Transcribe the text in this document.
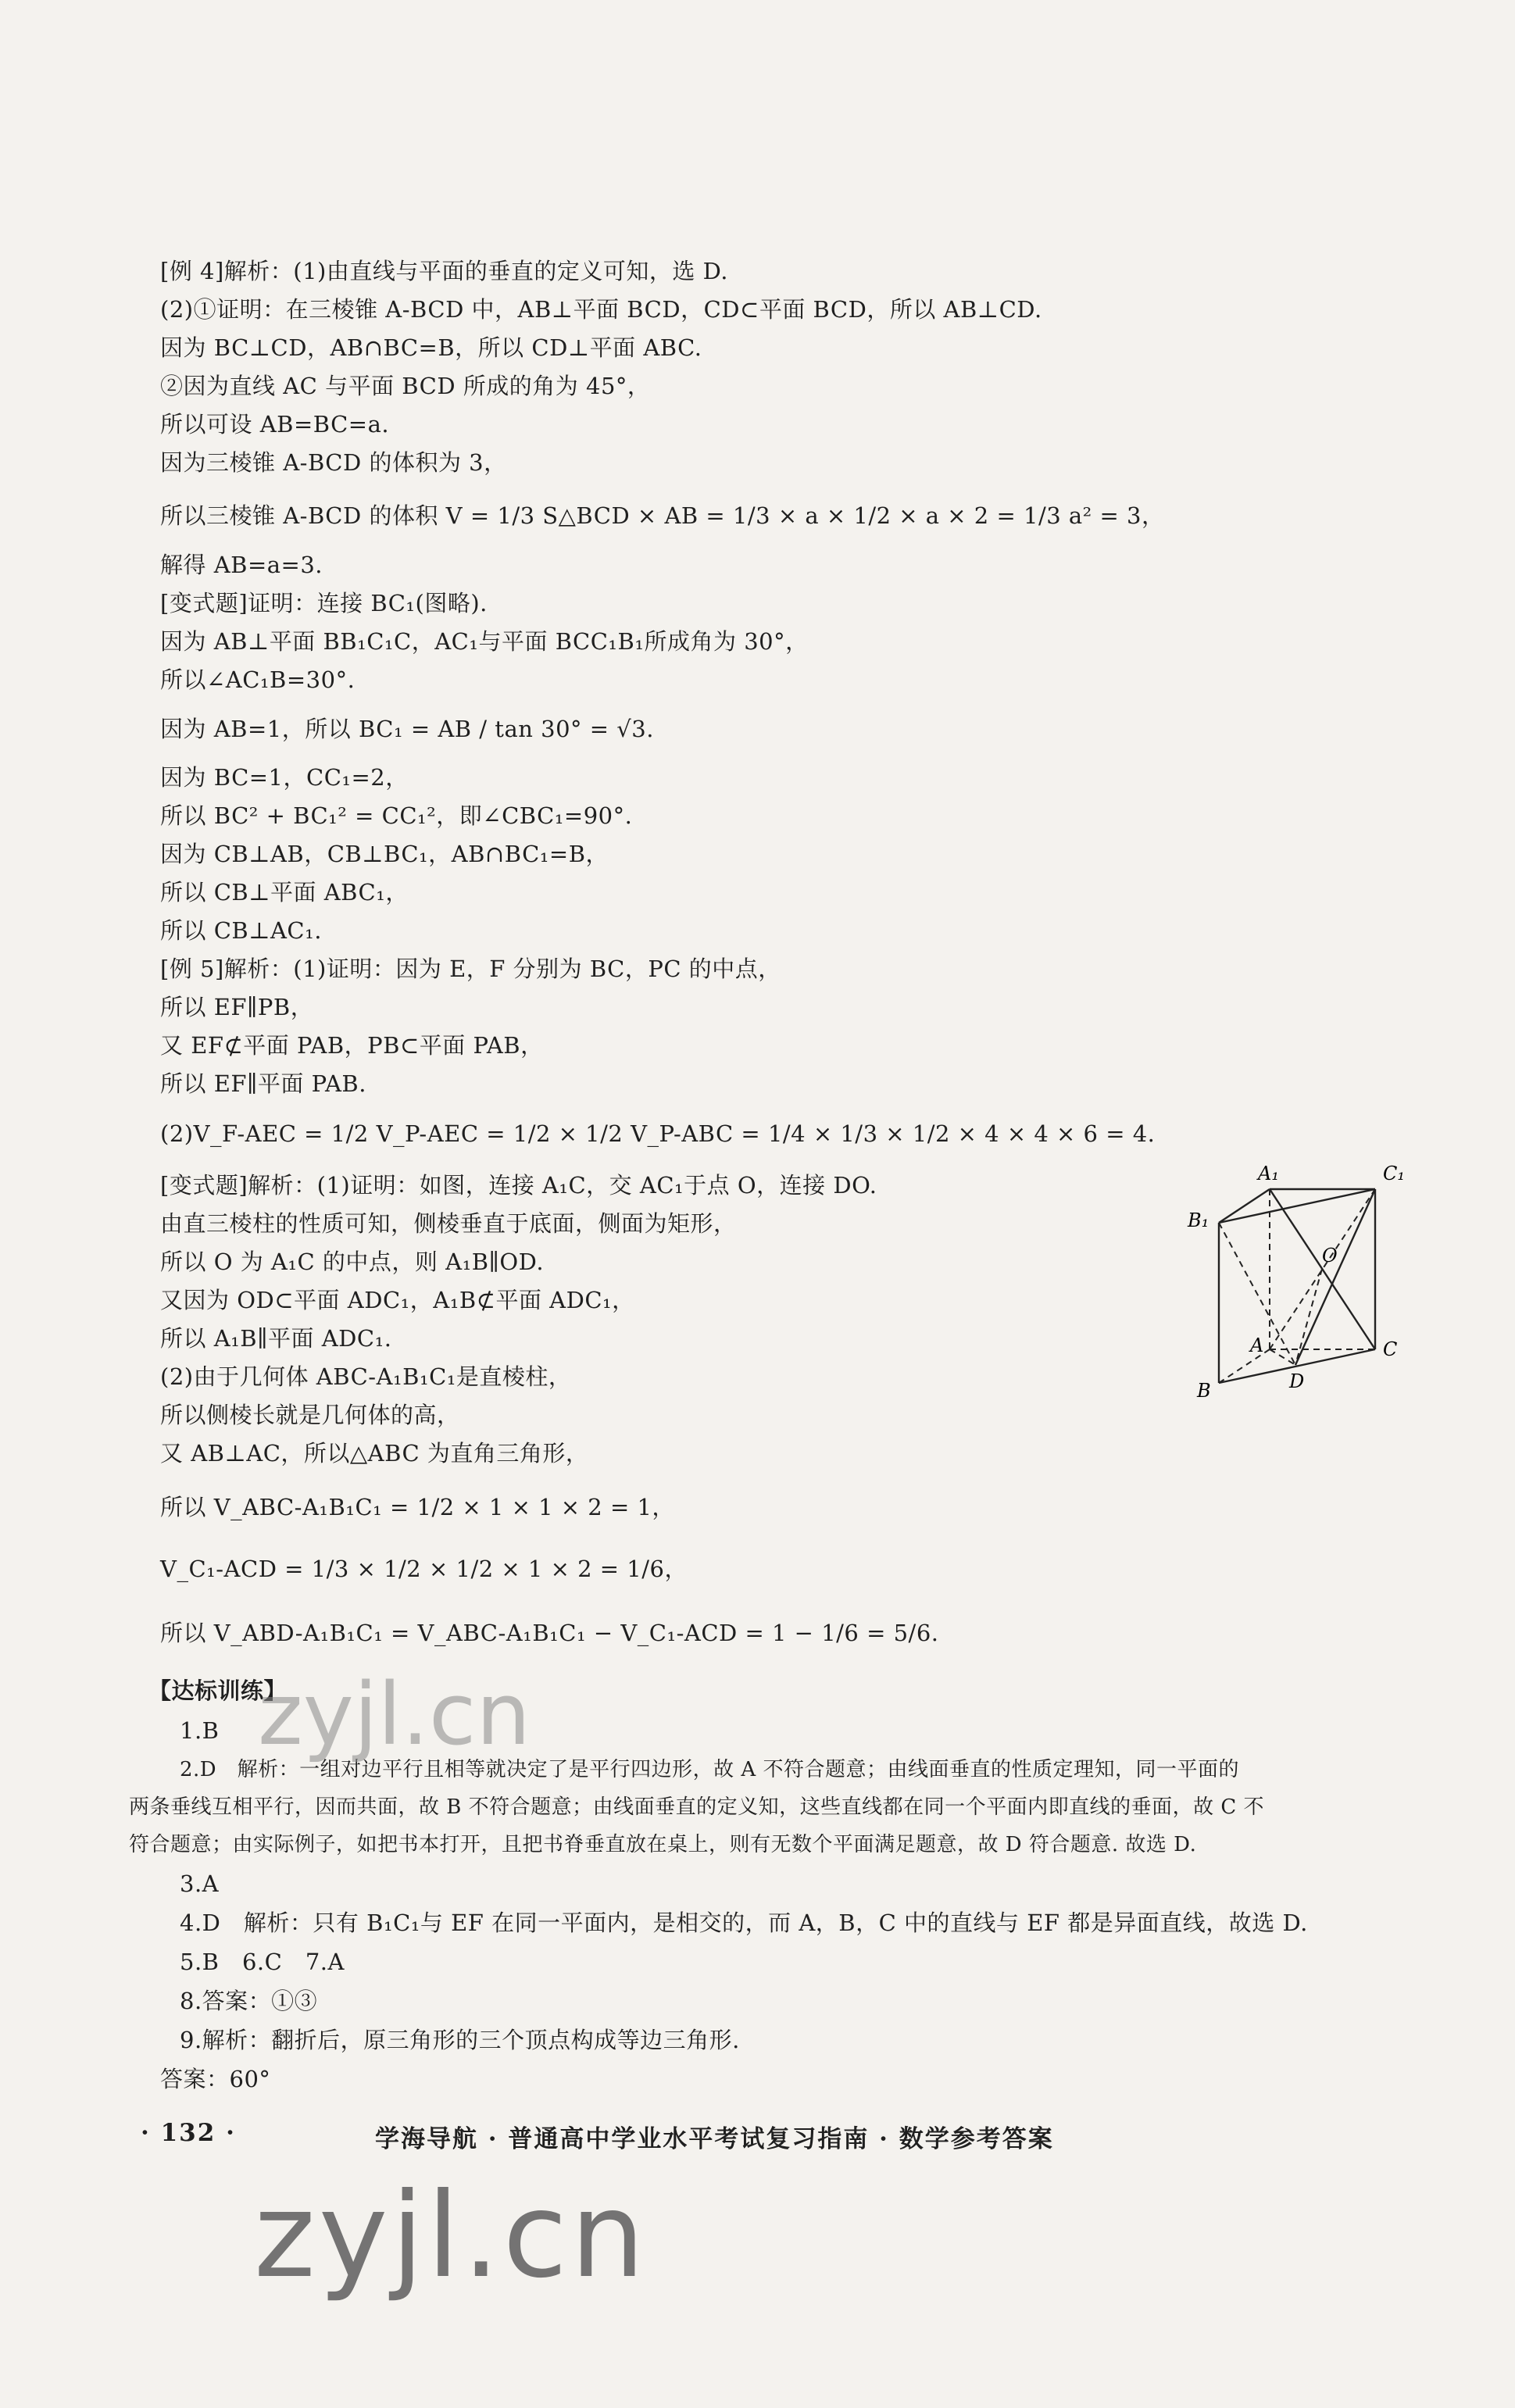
[例 4]解析：(1)由直线与平面的垂直的定义可知，选 D.
(2)①证明：在三棱锥 A-BCD 中，AB⊥平面 BCD，CD⊂平面 BCD，所以 AB⊥CD.
因为 BC⊥CD，AB∩BC=B，所以 CD⊥平面 ABC.
②因为直线 AC 与平面 BCD 所成的角为 45°，
所以可设 AB=BC=a.
因为三棱锥 A-BCD 的体积为 3，
所以三棱锥 A-BCD 的体积 V = 1/3 S△BCD × AB = 1/3 × a × 1/2 × a × 2 = 1/3 a² = 3，
解得 AB=a=3.
[变式题]证明：连接 BC₁(图略).
因为 AB⊥平面 BB₁C₁C，AC₁与平面 BCC₁B₁所成角为 30°，
所以∠AC₁B=30°.
因为 AB=1，所以 BC₁ = AB / tan 30° = √3.
因为 BC=1，CC₁=2，
所以 BC² + BC₁² = CC₁²，即∠CBC₁=90°.
因为 CB⊥AB，CB⊥BC₁，AB∩BC₁=B，
所以 CB⊥平面 ABC₁，
所以 CB⊥AC₁.
[例 5]解析：(1)证明：因为 E，F 分别为 BC，PC 的中点，
所以 EF∥PB，
又 EF⊄平面 PAB，PB⊂平面 PAB，
所以 EF∥平面 PAB.
(2)V_F-AEC = 1/2 V_P-AEC = 1/2 × 1/2 V_P-ABC = 1/4 × 1/3 × 1/2 × 4 × 4 × 6 = 4.
[变式题]解析：(1)证明：如图，连接 A₁C，交 AC₁于点 O，连接 DO.
由直三棱柱的性质可知，侧棱垂直于底面，侧面为矩形，
所以 O 为 A₁C 的中点，则 A₁B∥OD.
又因为 OD⊂平面 ADC₁，A₁B⊄平面 ADC₁，
所以 A₁B∥平面 ADC₁.
(2)由于几何体 ABC-A₁B₁C₁是直棱柱，
所以侧棱长就是几何体的高，
又 AB⊥AC，所以△ABC 为直角三角形，
所以 V_ABC-A₁B₁C₁ = 1/2 × 1 × 1 × 2 = 1，
V_C₁-ACD = 1/3 × 1/2 × 1/2 × 1 × 2 = 1/6，
所以 V_ABD-A₁B₁C₁ = V_ABC-A₁B₁C₁ − V_C₁-ACD = 1 − 1/6 = 5/6.
【达标训练】
1.B
2.D　解析：一组对边平行且相等就决定了是平行四边形，故 A 不符合题意；由线面垂直的性质定理知，同一平面的
两条垂线互相平行，因而共面，故 B 不符合题意；由线面垂直的定义知，这些直线都在同一个平面内即直线的垂面，故 C 不
符合题意；由实际例子，如把书本打开，且把书脊垂直放在桌上，则有无数个平面满足题意，故 D 符合题意. 故选 D.
3.A
4.D　解析：只有 B₁C₁与 EF 在同一平面内，是相交的，而 A，B，C 中的直线与 EF 都是异面直线，故选 D.
5.B　6.C　7.A
8.答案：①③
9.解析：翻折后，原三角形的三个顶点构成等边三角形.
答案：60°
A₁	C₁
B₁
O
A	C
D
B
· 132 ·	学海导航 · 普通高中学业水平考试复习指南 · 数学参考答案
zyjl.cn
zyjl.cn
